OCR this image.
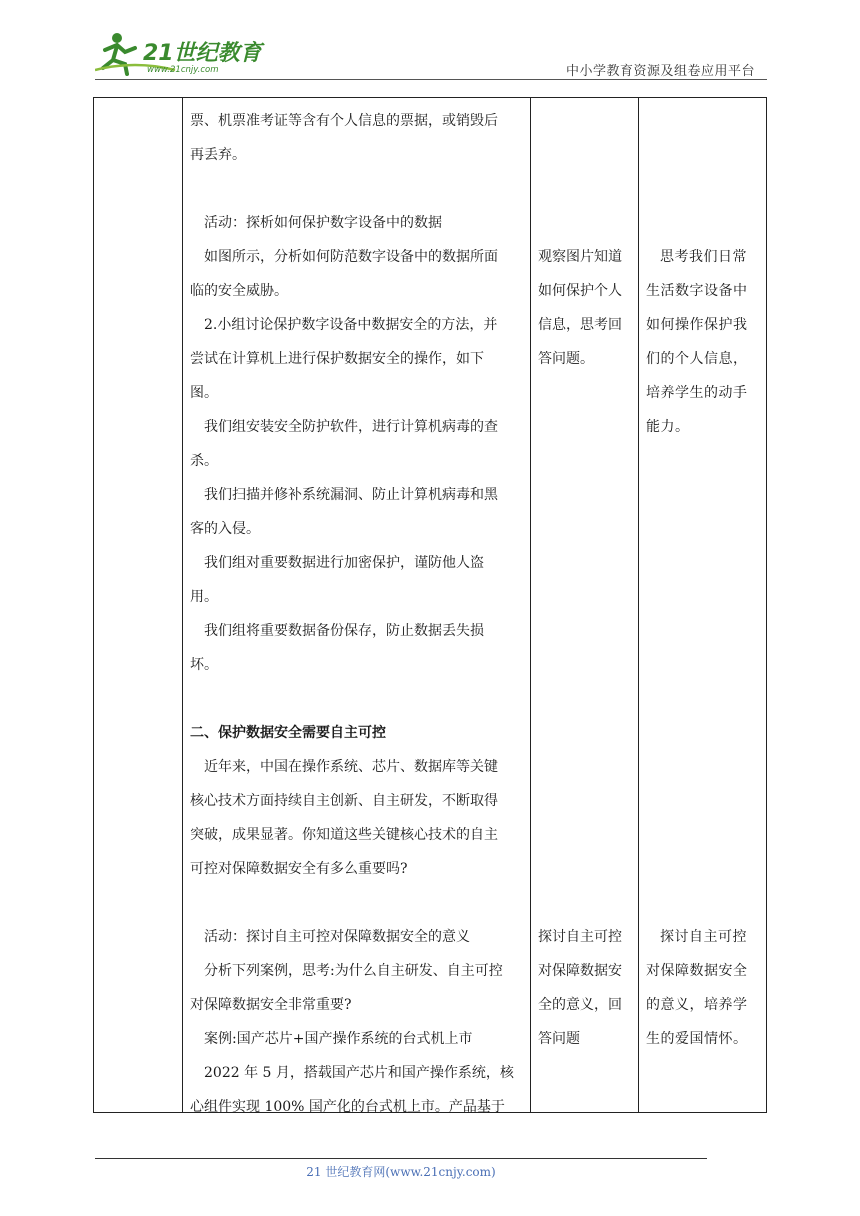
21世纪教育
www.21cnjy.com	中小学教育资源及组卷应用平台

票、机票准考证等含有个人信息的票据，或销毁后

再丢弃。

活动：探析如何保护数字设备中的数据

如图所示，分析如何防范数字设备中的数据所面

临的安全威胁。

2.小组讨论保护数字设备中数据安全的方法，并

尝试在计算机上进行保护数据安全的操作，如下

图。

我们组安装安全防护软件，进行计算机病毒的查

杀。

我们扫描并修补系统漏洞、防止计算机病毒和黑

客的入侵。

我们组对重要数据进行加密保护，谨防他人盗

用。

我们组将重要数据备份保存，防止数据丢失损

坏。

二、保护数据安全需要自主可控

近年来，中国在操作系统、芯片、数据库等关键

核心技术方面持续自主创新、自主研发，不断取得

突破，成果显著。你知道这些关键核心技术的自主

可控对保障数据安全有多么重要吗?

活动：探讨自主可控对保障数据安全的意义

分析下列案例，思考:为什么自主研发、自主可控

对保障数据安全非常重要?

案例:国产芯片+国产操作系统的台式机上市

2022 年 5 月，搭载国产芯片和国产操作系统，核

心组件实现 100% 国产化的台式机上市。产品基于

观察图片知道

如何保护个人

信息，思考回

答问题。

探讨自主可控

对保障数据安

全的意义，回

答问题

思考我们日常

生活数字设备中

如何操作保护我

们的个人信息，

培养学生的动手

能力。

探讨自主可控

对保障数据安全

的意义，培养学

生的爱国情怀。

21 世纪教育网(www.21cnjy.com)
